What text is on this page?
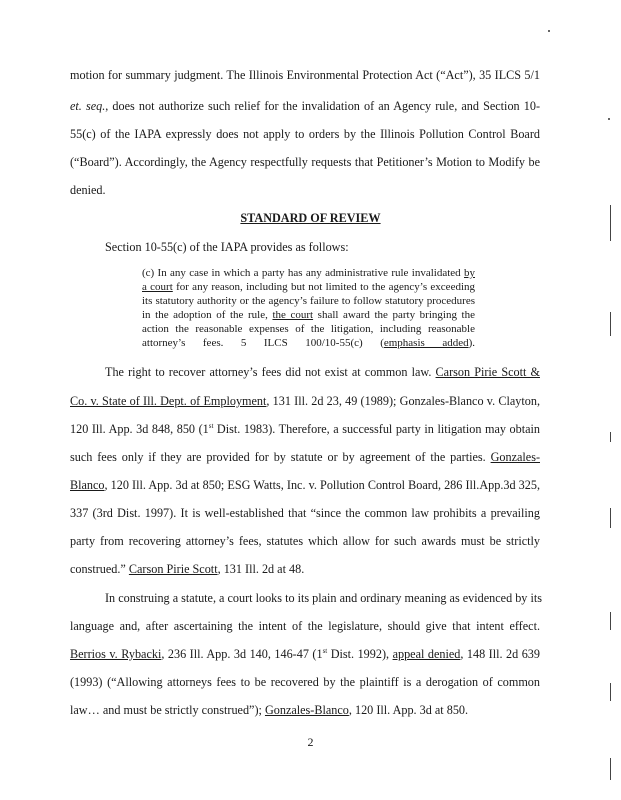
motion for summary judgment. The Illinois Environmental Protection Act (“Act”), 35 ILCS 5/1
et. seq., does not authorize such relief for the invalidation of an Agency rule, and Section 10-
55(c) of the IAPA expressly does not apply to orders by the Illinois Pollution Control Board
(“Board”). Accordingly, the Agency respectfully requests that Petitioner’s Motion to Modify be
denied.
STANDARD OF REVIEW
Section 10-55(c) of the IAPA provides as follows:
(c) In any case in which a party has any administrative rule invalidated by
a court for any reason, including but not limited to the agency’s exceeding
its statutory authority or the agency’s failure to follow statutory procedures
in the adoption of the rule, the court shall award the party bringing the
action the reasonable expenses of the litigation, including reasonable
attorney’s fees. 5 ILCS 100/10-55(c) (emphasis added).
The right to recover attorney’s fees did not exist at common law. Carson Pirie Scott &
Co. v. State of Ill. Dept. of Employment, 131 Ill. 2d 23, 49 (1989); Gonzales-Blanco v. Clayton,
120 Ill. App. 3d 848, 850 (1st Dist. 1983). Therefore, a successful party in litigation may obtain
such fees only if they are provided for by statute or by agreement of the parties. Gonzales-
Blanco, 120 Ill. App. 3d at 850; ESG Watts, Inc. v. Pollution Control Board, 286 Ill.App.3d 325,
337 (3rd Dist. 1997). It is well-established that “since the common law prohibits a prevailing
party from recovering attorney’s fees, statutes which allow for such awards must be strictly
construed.” Carson Pirie Scott, 131 Ill. 2d at 48.
In construing a statute, a court looks to its plain and ordinary meaning as evidenced by its
language and, after ascertaining the intent of the legislature, should give that intent effect.
Berrios v. Rybacki, 236 Ill. App. 3d 140, 146-47 (1st Dist. 1992), appeal denied, 148 Ill. 2d 639
(1993) (“Allowing attorneys fees to be recovered by the plaintiff is a derogation of common
law… and must be strictly construed”); Gonzales-Blanco, 120 Ill. App. 3d at 850.
2
